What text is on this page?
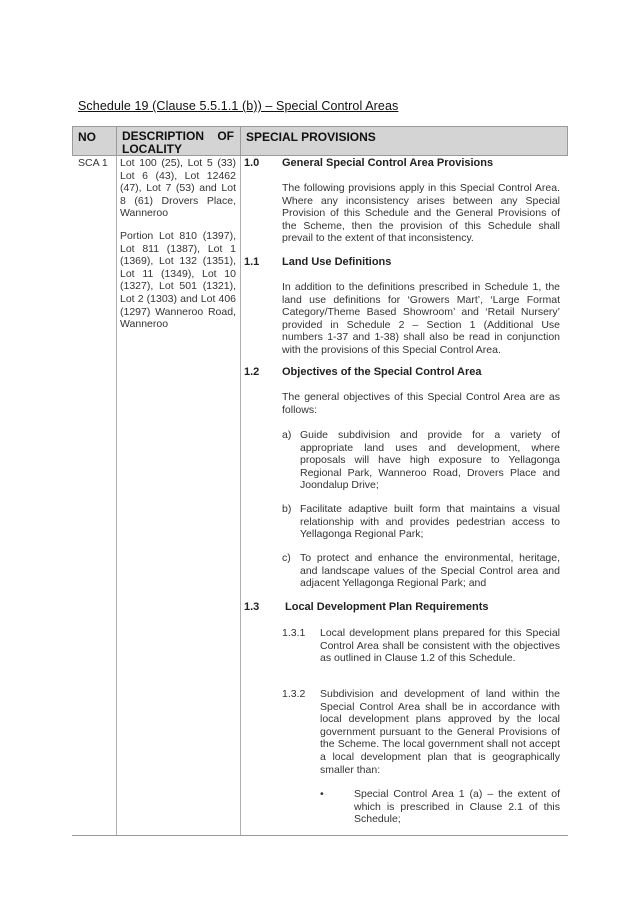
Schedule 19 (Clause 5.5.1.1 (b)) – Special Control Areas
NO	DESCRIPTION OF
LOCALITY
SPECIAL PROVISIONS
SCA 1 Lot 100 (25), Lot 5 (33) Lot 6 (43), Lot 12462 (47), Lot 7 (53) and Lot 8 (61) Drovers Place, Wanneroo
Portion Lot 810 (1397), Lot 811 (1387), Lot 1 (1369), Lot 132 (1351), Lot 11 (1349), Lot 10 (1327), Lot 501 (1321), Lot 2 (1303) and Lot 406 (1297) Wanneroo Road, Wanneroo
1.0 General Special Control Area Provisions
The following provisions apply in this Special Control Area. Where any inconsistency arises between any Special Provision of this Schedule and the General Provisions of the Scheme, then the provision of this Schedule shall prevail to the extent of that inconsistency.
1.1 Land Use Definitions
In addition to the definitions prescribed in Schedule 1, the land use definitions for ‘Growers Mart’, ‘Large Format Category/Theme Based Showroom’ and ‘Retail Nursery’ provided in Schedule 2 – Section 1 (Additional Use numbers 1-37 and 1-38) shall also be read in conjunction with the provisions of this Special Control Area.
1.2 Objectives of the Special Control Area
The general objectives of this Special Control Area are as follows:
a) Guide subdivision and provide for a variety of appropriate land uses and development, where proposals will have high exposure to Yellagonga Regional Park, Wanneroo Road, Drovers Place and Joondalup Drive;
b) Facilitate adaptive built form that maintains a visual relationship with and provides pedestrian access to Yellagonga Regional Park;
c) To protect and enhance the environmental, heritage, and landscape values of the Special Control area and adjacent Yellagonga Regional Park; and
1.3 Local Development Plan Requirements
1.3.1 Local development plans prepared for this Special Control Area shall be consistent with the objectives as outlined in Clause 1.2 of this Schedule.
1.3.2 Subdivision and development of land within the Special Control Area shall be in accordance with local development plans approved by the local government pursuant to the General Provisions of the Scheme. The local government shall not accept a local development plan that is geographically smaller than:
•	Special Control Area 1 (a) – the extent of which is prescribed in Clause 2.1 of this Schedule;
